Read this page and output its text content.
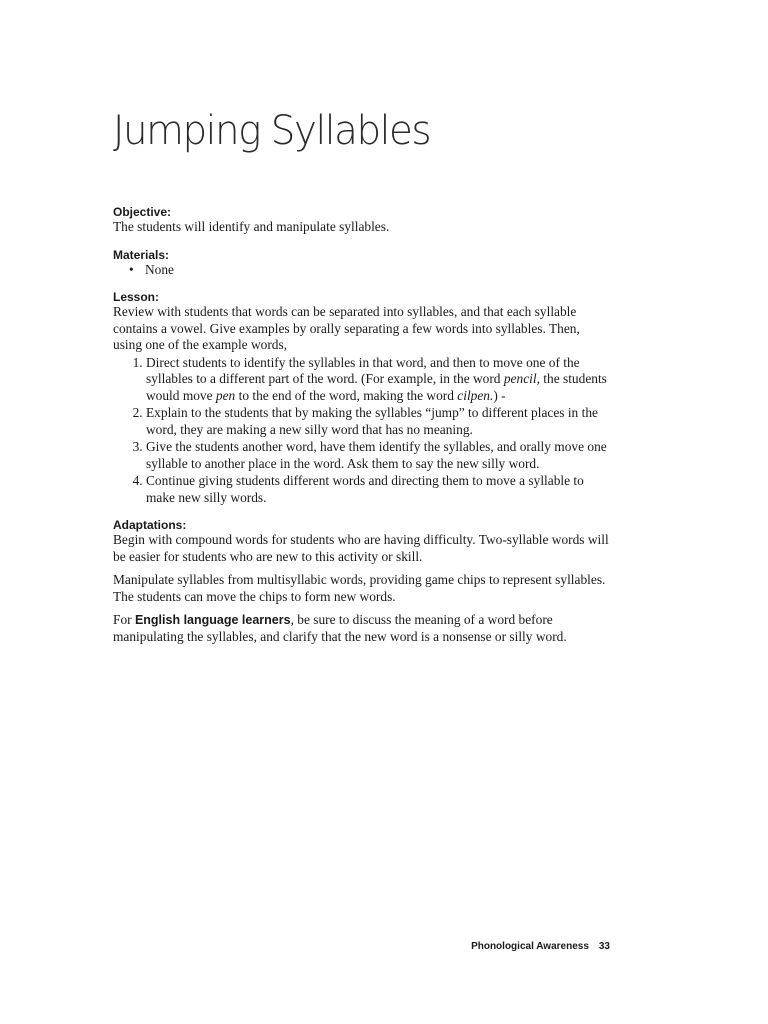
Jumping Syllables
Objective:

The students will identify and manipulate syllables.

Materials:
• None
Lesson:

Review with students that words can be separated into syllables, and that each syllable contains a vowel. Give examples by orally separating a few words into syllables. Then, using one of the example words,

1. Direct students to identify the syllables in that word, and then to move one of the syllables to a different part of the word. (For example, in the word pencil, the students would move pen to the end of the word, making the word cilpen.) -
2. Explain to the students that by making the syllables “jump” to different places in the word, they are making a new silly word that has no meaning.
3. Give the students another word, have them identify the syllables, and orally move one syllable to another place in the word. Ask them to say the new silly word.
4. Continue giving students different words and directing them to move a syllable to make new silly words.
Adaptations:

Begin with compound words for students who are having difficulty. Two-syllable words will be easier for students who are new to this activity or skill.

Manipulate syllables from multisyllabic words, providing game chips to represent syllables. The students can move the chips to form new words.

For English language learners, be sure to discuss the meaning of a word before manipulating the syllables, and clarify that the new word is a nonsense or silly word.

Phonological Awareness 33
